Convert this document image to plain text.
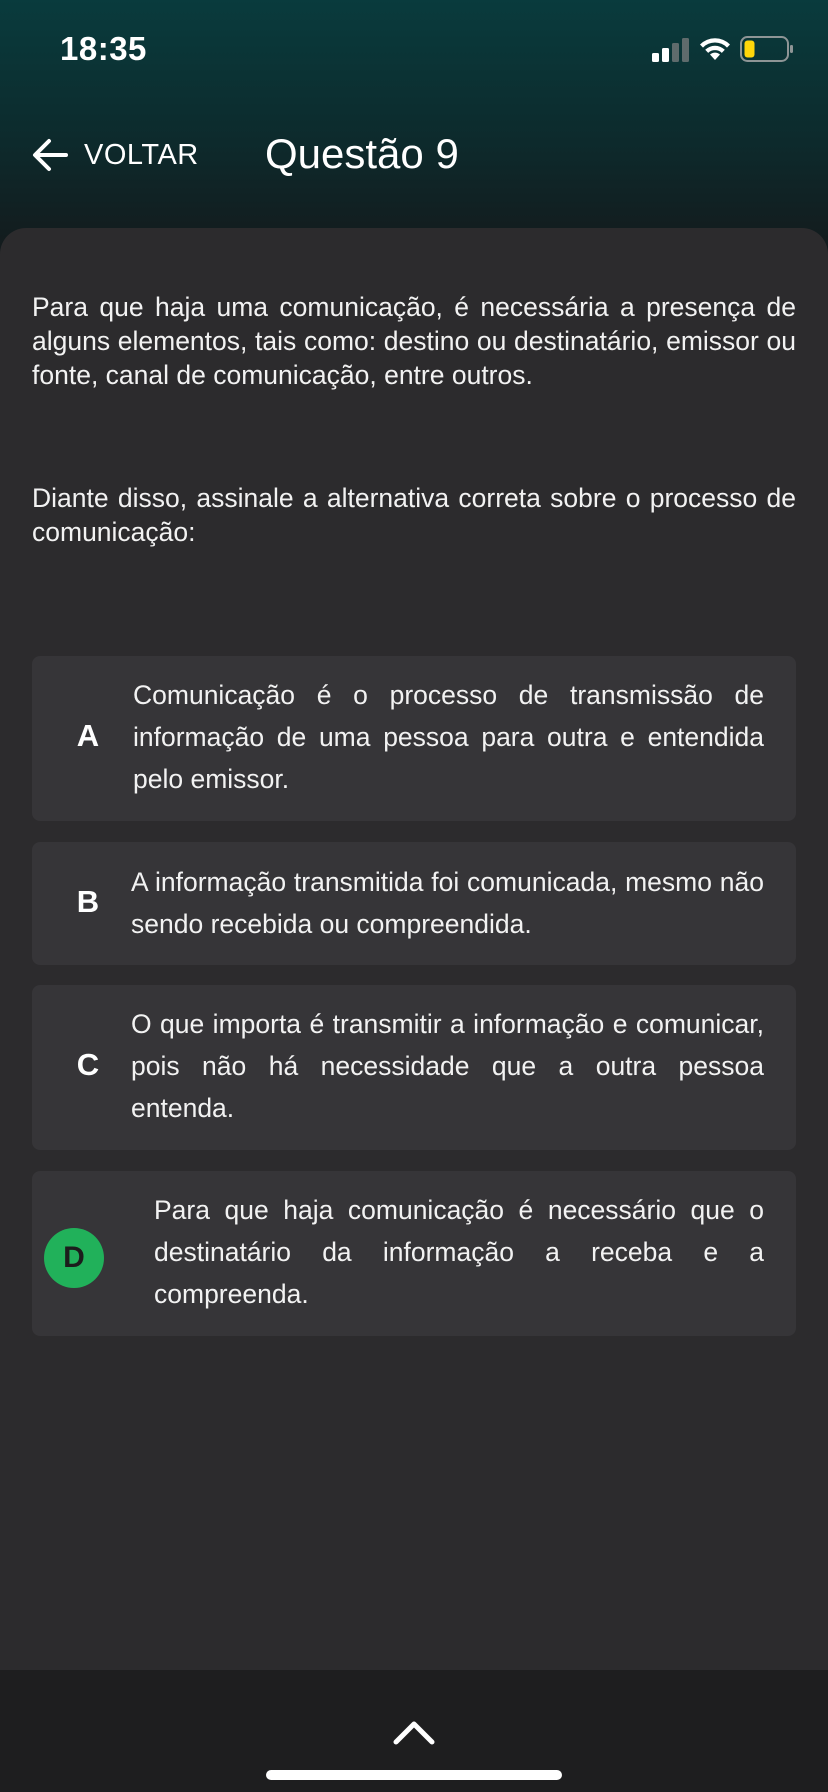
18:35
VOLTAR Questão 9
Para que haja uma comunicação, é necessária a presença de alguns elementos, tais como: destino ou destinatário, emissor ou fonte, canal de comunicação, entre outros.
Diante disso, assinale a alternativa correta sobre o processo de comunicação:
A
Comunicação é o processo de transmissão de informação de uma pessoa para outra e entendida pelo emissor.
B
A informação transmitida foi comunicada, mesmo não sendo recebida ou compreendida.
C
O que importa é transmitir a informação e comunicar, pois não há necessidade que a outra pessoa entenda.
D
Para que haja comunicação é necessário que o destinatário da informação a receba e a compreenda.
